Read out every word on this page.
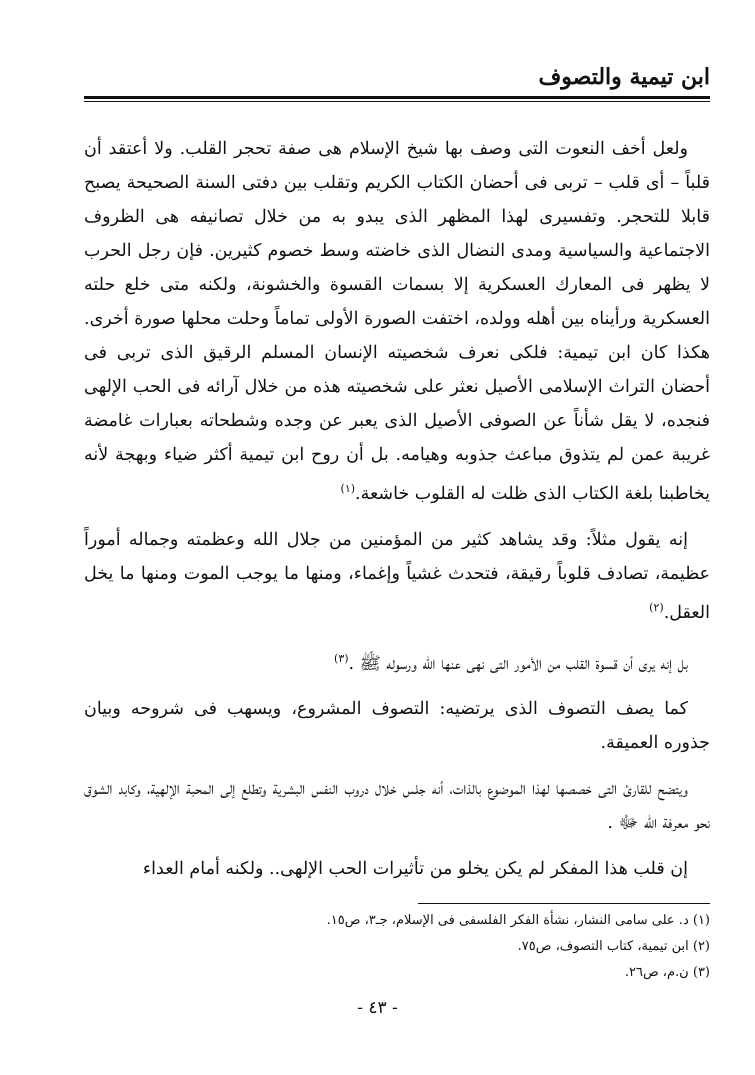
ابن تيمية والتصوف

ولعل أخف النعوت التى وصف بها شيخ الإسلام هى صفة تحجر القلب. ولا أعتقد أن قلباً – أى قلب – تربى فى أحضان الكتاب الكريم وتقلب بين دفتى السنة الصحيحة يصبح قابلا للتحجر. وتفسيرى لهذا المظهر الذى يبدو به من خلال تصانيفه هى الظروف الاجتماعية والسياسية ومدى النضال الذى خاضته وسط خصوم كثيرين. فإن رجل الحرب لا يظهر فى المعارك العسكرية إلا بسمات القسوة والخشونة، ولكنه متى خلع حلته العسكرية ورأيناه بين أهله وولده، اختفت الصورة الأولى تماماً وحلت محلها صورة أخرى. هكذا كان ابن تيمية: فلكى نعرف شخصيته الإنسان المسلم الرقيق الذى تربى فى أحضان التراث الإسلامى الأصيل نعثر على شخصيته هذه من خلال آرائه فى الحب الإلهى فنجده، لا يقل شأناً عن الصوفى الأصيل الذى يعبر عن وجده وشطحاته بعبارات غامضة غريبة عمن لم يتذوق مباعث جذوبه وهيامه. بل أن روح ابن تيمية أكثر ضياء وبهجة لأنه يخاطبنا بلغة الكتاب الذى ظلت له القلوب خاشعة.$^{(١)}$

إنه يقول مثلاً: وقد يشاهد كثير من المؤمنين من جلال الله وعظمته وجماله أموراً عظيمة، تصادف قلوباً رقيقة، فتحدث غشياً وإغماء، ومنها ما يوجب الموت ومنها ما يخل العقل.$^{(٢)}$

بل إنه يرى أن قسوة القلب من الأمور التى نهى عنها الله ورسوله ﷺ .$^{(٣)}$

كما يصف التصوف الذى يرتضيه: التصوف المشروع، ويسهب فى شروحه وبيان جذوره العميقة.

ويتضح للقارئ التى خصصها لهذا الموضوع بالذات، أنه جلس خلال دروب النفس البشرية وتطلع إلى المحبة الإلهية، وكابد الشوق نحو معرفة الله ﷻ .

إن قلب هذا المفكر لم يكن يخلو من تأثيرات الحب الإلهى.. ولكنه أمام العداء

(١) د. على سامى النشار، نشأة الفكر الفلسفى فى الإسلام، جـ٣، ص١٥.
(٢) ابن تيمية، كتاب التصوف، ص٧٥.
(٣) ن.م، ص٢٦.
- ٤٣ -
